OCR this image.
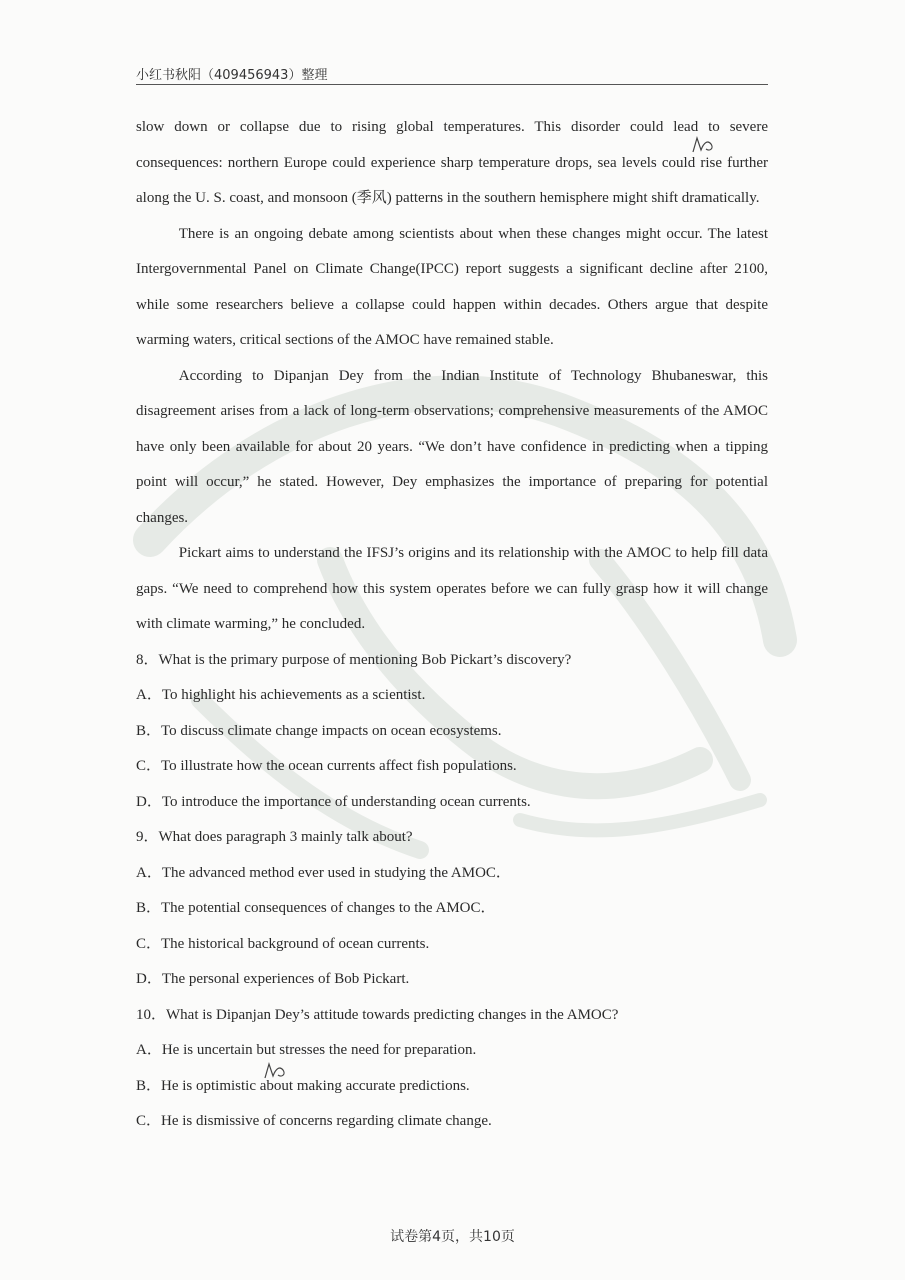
小红书秋阳（409456943）整理

slow down or collapse due to rising global temperatures. This disorder could lead to severe consequences: northern Europe could experience sharp temperature drops, sea levels could rise further along the U. S. coast, and monsoon (季风) patterns in the southern hemisphere might shift dramatically.

There is an ongoing debate among scientists about when these changes might occur. The latest Intergovernmental Panel on Climate Change(IPCC) report suggests a significant decline after 2100, while some researchers believe a collapse could happen within decades. Others argue that despite warming waters, critical sections of the AMOC have remained stable.

According to Dipanjan Dey from the Indian Institute of Technology Bhubaneswar, this disagreement arises from a lack of long-term observations; comprehensive measurements of the AMOC have only been available for about 20 years. “We don’t have confidence in predicting when a tipping point will occur,” he stated. However, Dey emphasizes the importance of preparing for potential changes.

Pickart aims to understand the IFSJ’s origins and its relationship with the AMOC to help fill data gaps. “We need to comprehend how this system operates before we can fully grasp how it will change with climate warming,” he concluded.

8．What is the primary purpose of mentioning Bob Pickart’s discovery?

A．To highlight his achievements as a scientist.

B．To discuss climate change impacts on ocean ecosystems.

C．To illustrate how the ocean currents affect fish populations.

D．To introduce the importance of understanding ocean currents.

9．What does paragraph 3 mainly talk about?

A．The advanced method ever used in studying the AMOC．

B．The potential consequences of changes to the AMOC．

C．The historical background of ocean currents.

D．The personal experiences of Bob Pickart.

10．What is Dipanjan Dey’s attitude towards predicting changes in the AMOC?

A．He is uncertain but stresses the need for preparation.

B．He is optimistic about making accurate predictions.

C．He is dismissive of concerns regarding climate change.

试卷第4页，共10页
